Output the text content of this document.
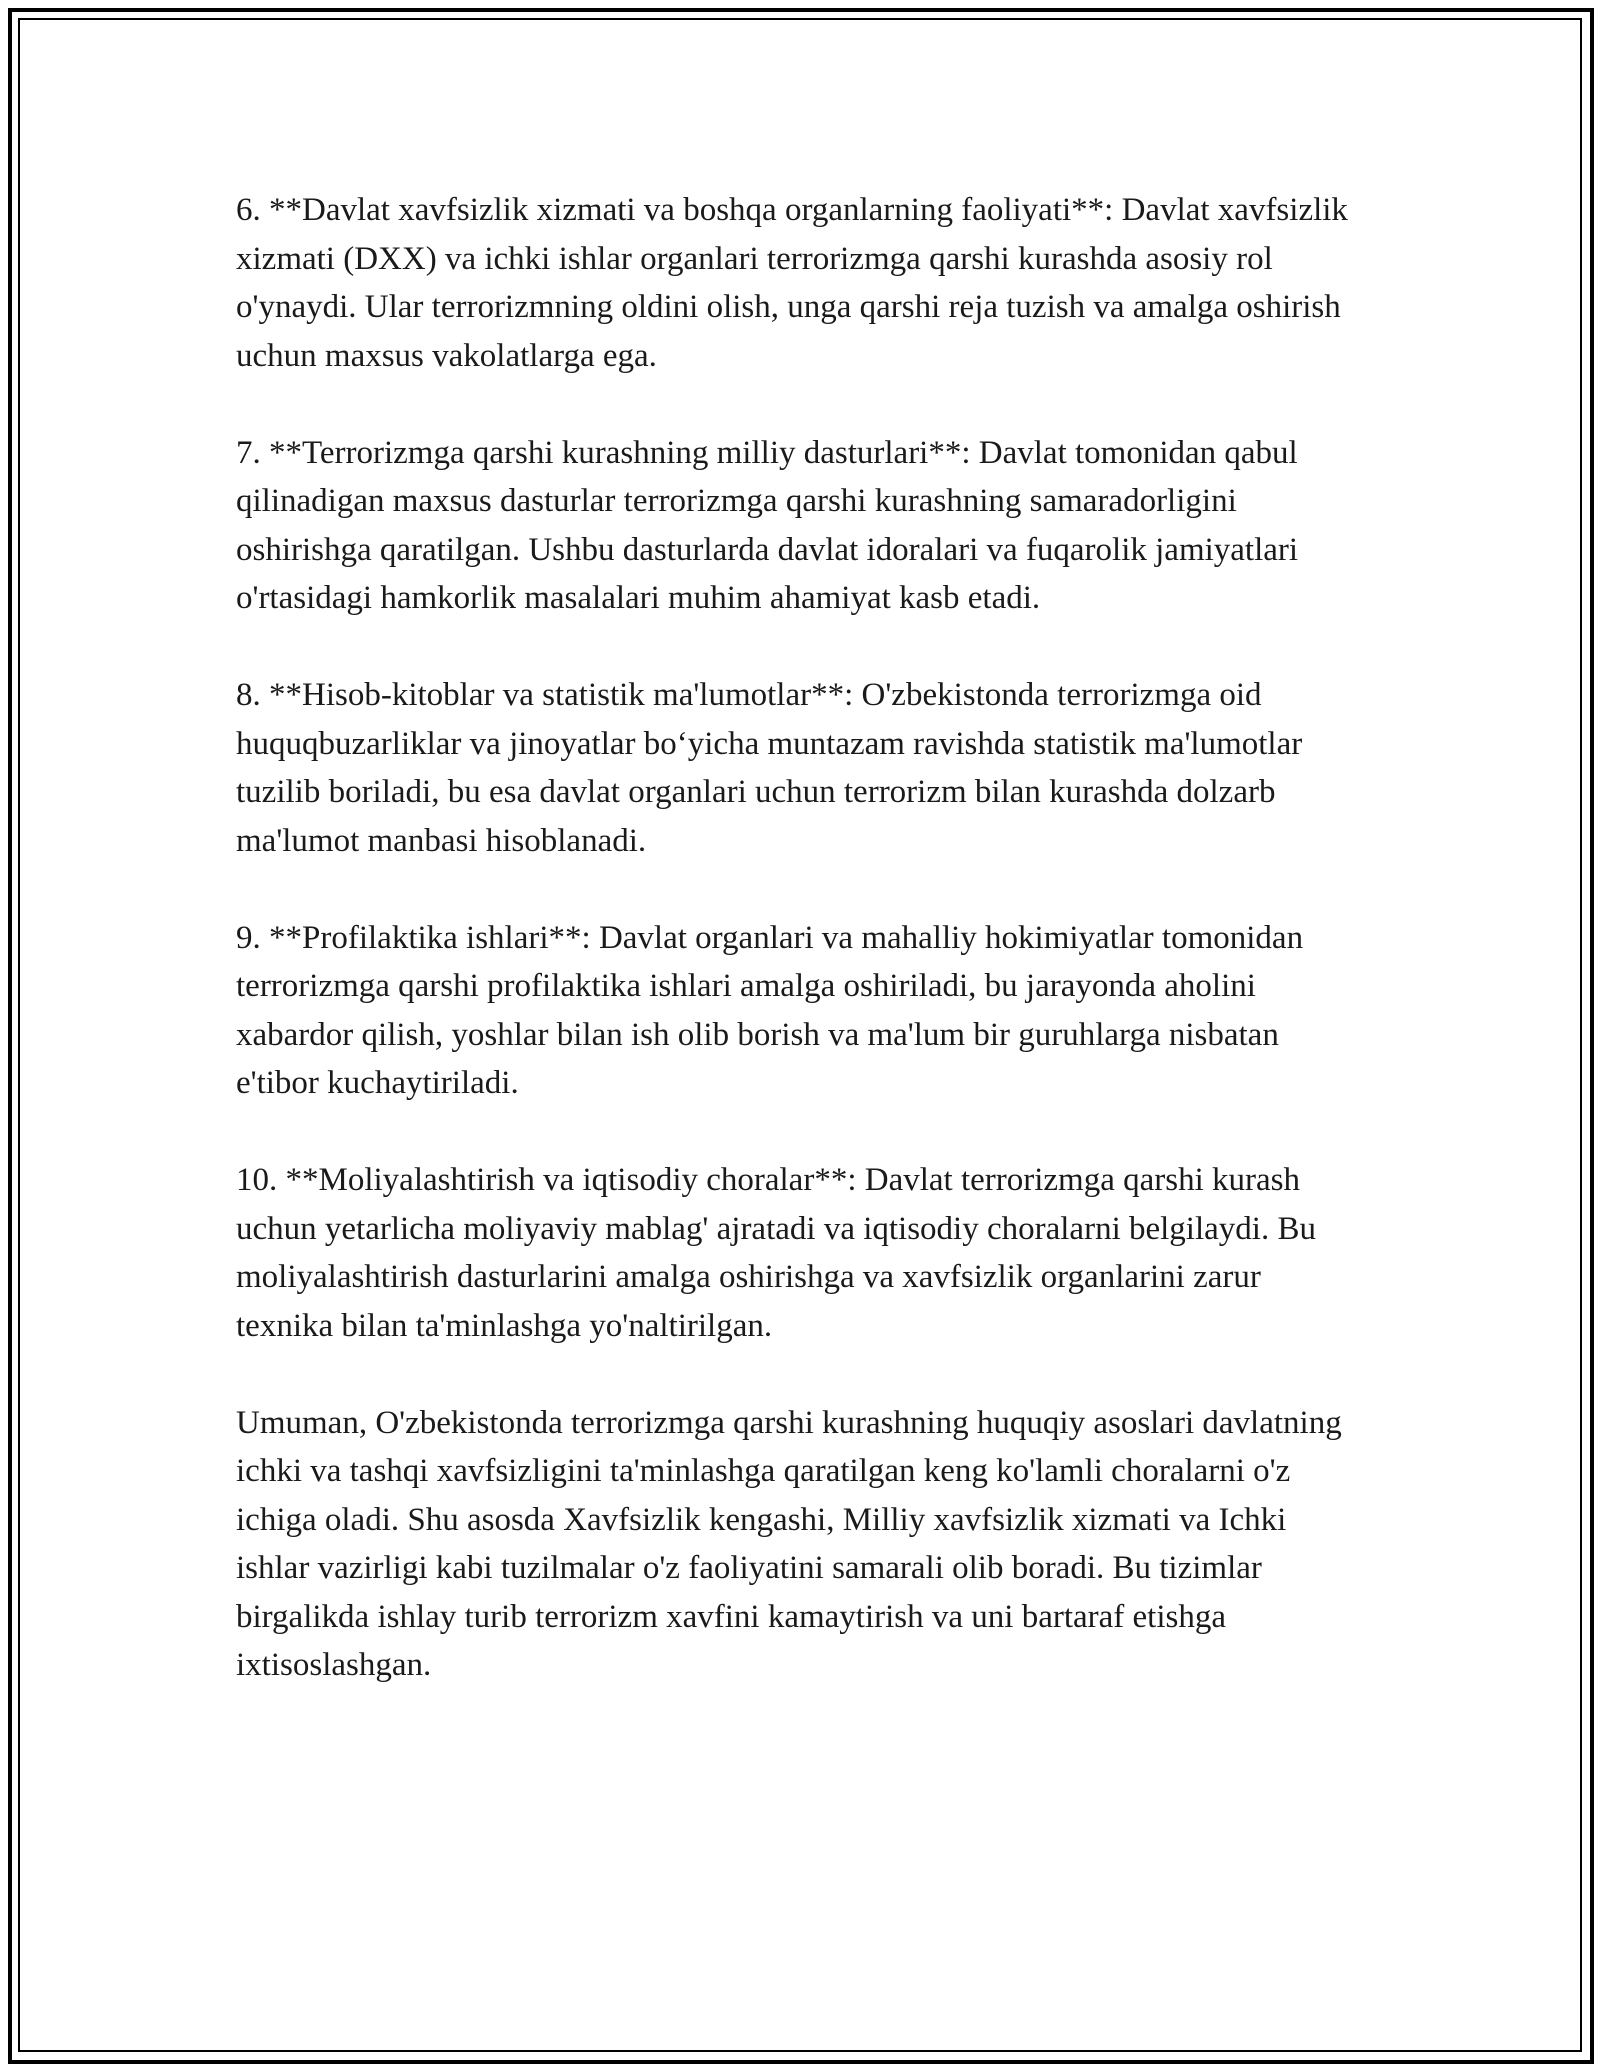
6. **Davlat xavfsizlik xizmati va boshqa organlarning faoliyati**: Davlat xavfsizlik xizmati (DXX) va ichki ishlar organlari terrorizmga qarshi kurashda asosiy rol o'ynaydi. Ular terrorizmning oldini olish, unga qarshi reja tuzish va amalga oshirish uchun maxsus vakolatlarga ega.

7. **Terrorizmga qarshi kurashning milliy dasturlari**: Davlat tomonidan qabul qilinadigan maxsus dasturlar terrorizmga qarshi kurashning samaradorligini oshirishga qaratilgan. Ushbu dasturlarda davlat idoralari va fuqarolik jamiyatlari o'rtasidagi hamkorlik masalalari muhim ahamiyat kasb etadi.

8. **Hisob-kitoblar va statistik ma'lumotlar**: O'zbekistonda terrorizmga oid huquqbuzarliklar va jinoyatlar bo‘yicha muntazam ravishda statistik ma'lumotlar tuzilib boriladi, bu esa davlat organlari uchun terrorizm bilan kurashda dolzarb ma'lumot manbasi hisoblanadi.

9. **Profilaktika ishlari**: Davlat organlari va mahalliy hokimiyatlar tomonidan terrorizmga qarshi profilaktika ishlari amalga oshiriladi, bu jarayonda aholini xabardor qilish, yoshlar bilan ish olib borish va ma'lum bir guruhlarga nisbatan e'tibor kuchaytiriladi.

10. **Moliyalashtirish va iqtisodiy choralar**: Davlat terrorizmga qarshi kurash uchun yetarlicha moliyaviy mablag' ajratadi va iqtisodiy choralarni belgilaydi. Bu moliyalashtirish dasturlarini amalga oshirishga va xavfsizlik organlarini zarur texnika bilan ta'minlashga yo'naltirilgan.

Umuman, O'zbekistonda terrorizmga qarshi kurashning huquqiy asoslari davlatning ichki va tashqi xavfsizligini ta'minlashga qaratilgan keng ko'lamli choralarni o'z ichiga oladi. Shu asosda Xavfsizlik kengashi, Milliy xavfsizlik xizmati va Ichki ishlar vazirligi kabi tuzilmalar o'z faoliyatini samarali olib boradi. Bu tizimlar birgalikda ishlay turib terrorizm xavfini kamaytirish va uni bartaraf etishga ixtisoslashgan.
